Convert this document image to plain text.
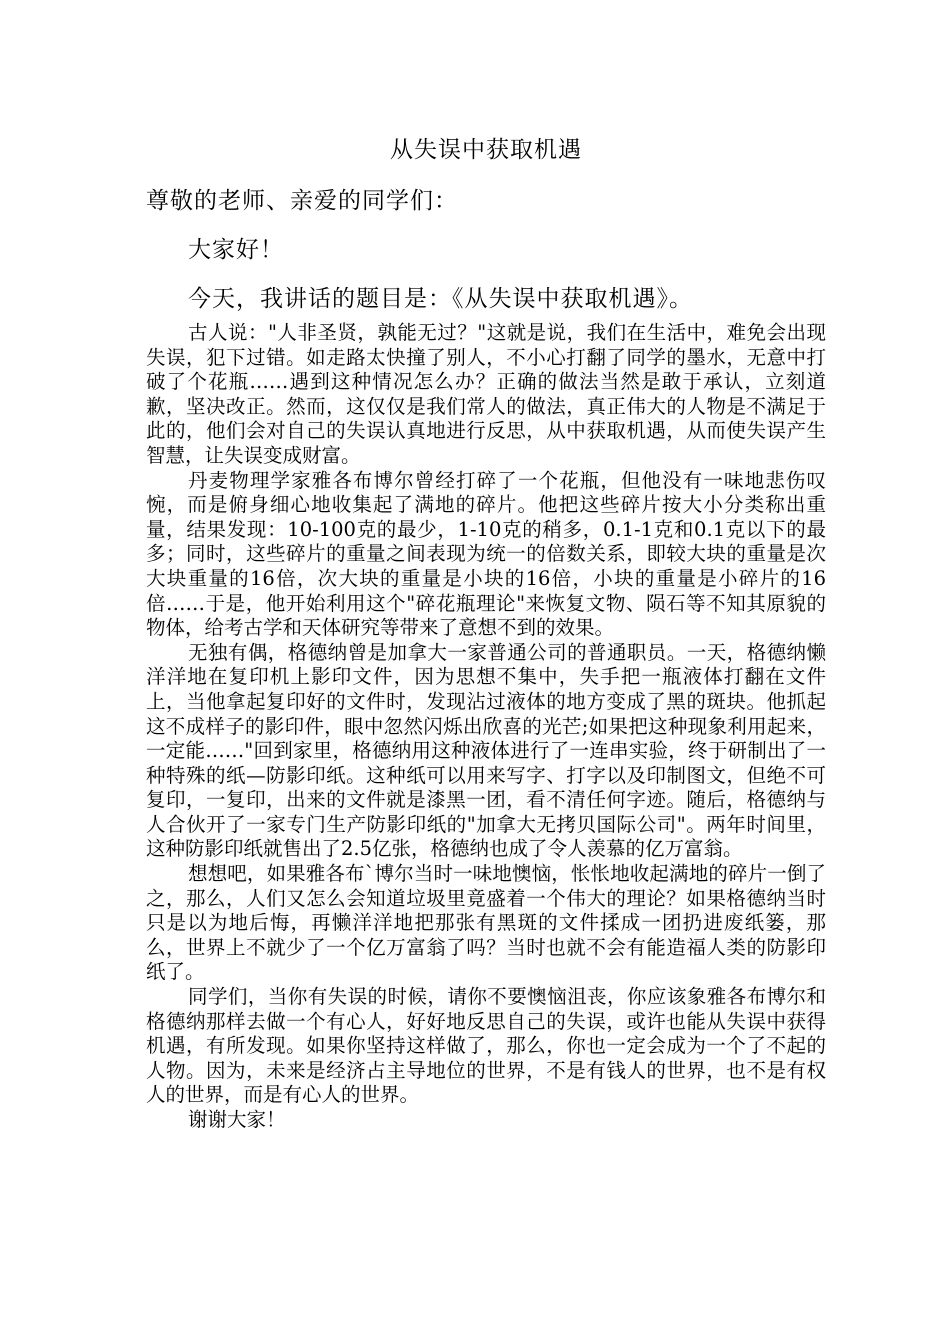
从失误中获取机遇

尊敬的老师、亲爱的同学们：

大家好！

今天，我讲话的题目是：《从失误中获取机遇》。

古人说："人非圣贤，孰能无过？"这就是说，我们在生活中，难免会出现失误，犯下过错。如走路太快撞了别人，不小心打翻了同学的墨水，无意中打破了个花瓶……遇到这种情况怎么办？正确的做法当然是敢于承认，立刻道歉，坚决改正。然而，这仅仅是我们常人的做法，真正伟大的人物是不满足于此的，他们会对自己的失误认真地进行反思，从中获取机遇，从而使失误产生智慧，让失误变成财富。

丹麦物理学家雅各布博尔曾经打碎了一个花瓶，但他没有一味地悲伤叹惋，而是俯身细心地收集起了满地的碎片。他把这些碎片按大小分类称出重量，结果发现：10-100克的最少，1-10克的稍多，0.1-1克和0.1克以下的最多；同时，这些碎片的重量之间表现为统一的倍数关系，即较大块的重量是次大块重量的16倍，次大块的重量是小块的16倍，小块的重量是小碎片的16倍……于是，他开始利用这个"碎花瓶理论"来恢复文物、陨石等不知其原貌的物体，给考古学和天体研究等带来了意想不到的效果。

无独有偶，格德纳曾是加拿大一家普通公司的普通职员。一天，格德纳懒洋洋地在复印机上影印文件，因为思想不集中，失手把一瓶液体打翻在文件上，当他拿起复印好的文件时，发现沾过液体的地方变成了黑的斑块。他抓起这不成样子的影印件，眼中忽然闪烁出欣喜的光芒;如果把这种现象利用起来，一定能……"回到家里，格德纳用这种液体进行了一连串实验，终于研制出了一种特殊的纸—防影印纸。这种纸可以用来写字、打字以及印制图文，但绝不可复印，一复印，出来的文件就是漆黑一团，看不清任何字迹。随后，格德纳与人合伙开了一家专门生产防影印纸的"加拿大无拷贝国际公司"。两年时间里，这种防影印纸就售出了2.5亿张，格德纳也成了令人羡慕的亿万富翁。

想想吧，如果雅各布`博尔当时一味地懊恼，怅怅地收起满地的碎片一倒了之，那么，人们又怎么会知道垃圾里竟盛着一个伟大的理论？如果格德纳当时只是以为地后悔，再懒洋洋地把那张有黑斑的文件揉成一团扔进废纸篓，那么，世界上不就少了一个亿万富翁了吗？当时也就不会有能造福人类的防影印纸了。

同学们，当你有失误的时候，请你不要懊恼沮丧，你应该象雅各布博尔和格德纳那样去做一个有心人，好好地反思自己的失误，或许也能从失误中获得机遇，有所发现。如果你坚持这样做了，那么，你也一定会成为一个了不起的人物。因为，未来是经济占主导地位的世界，不是有钱人的世界，也不是有权人的世界，而是有心人的世界。

谢谢大家！
